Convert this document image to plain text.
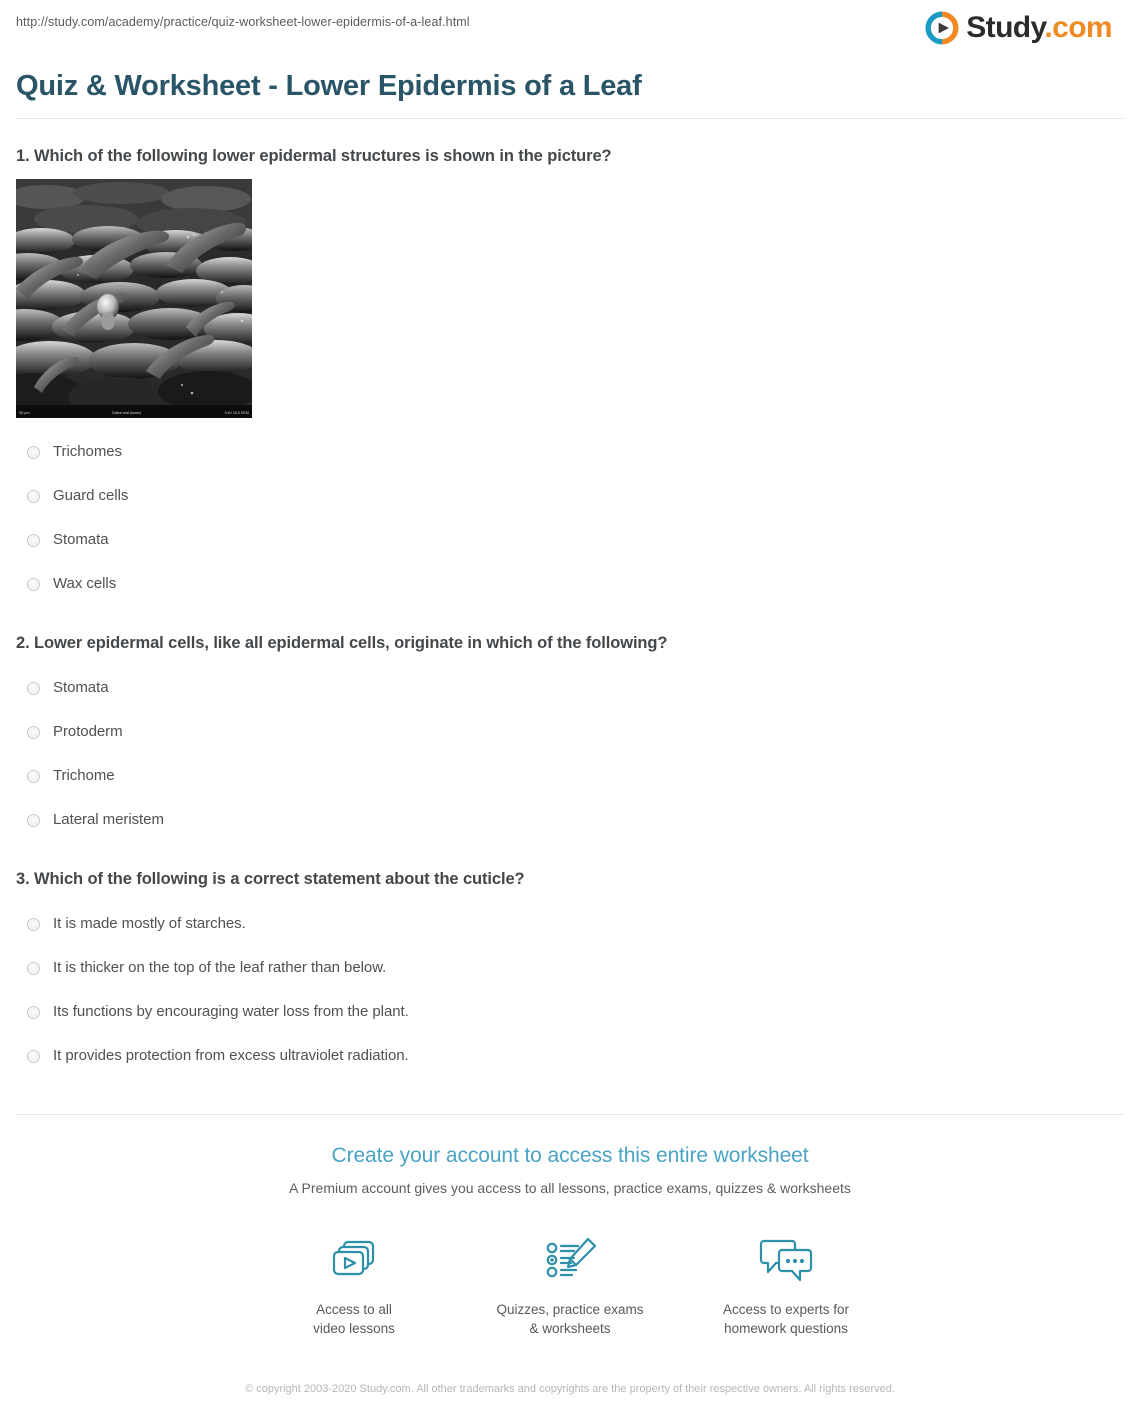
http://study.com/academy/practice/quiz-worksheet-lower-epidermis-of-a-leaf.html	Study.com
Quiz & Worksheet - Lower Epidermis of a Leaf

1. Which of the following lower epidermal structures is shown in the picture?

50 µm	Cotton leaf (lower)	5 kV 15.0 SEM
Trichomes
Guard cells
Stomata
Wax cells

2. Lower epidermal cells, like all epidermal cells, originate in which of the following?

Stomata
Protoderm
Trichome
Lateral meristem

3. Which of the following is a correct statement about the cuticle?

It is made mostly of starches.
It is thicker on the top of the leaf rather than below.
Its functions by encouraging water loss from the plant.
It provides protection from excess ultraviolet radiation.
Create your account to access this entire worksheet
A Premium account gives you access to all lessons, practice exams, quizzes & worksheets
Access to all
video lessons
Quizzes, practice exams
& worksheets
Access to experts for
homework questions
© copyright 2003-2020 Study.com. All other trademarks and copyrights are the property of their respective owners. All rights reserved.
